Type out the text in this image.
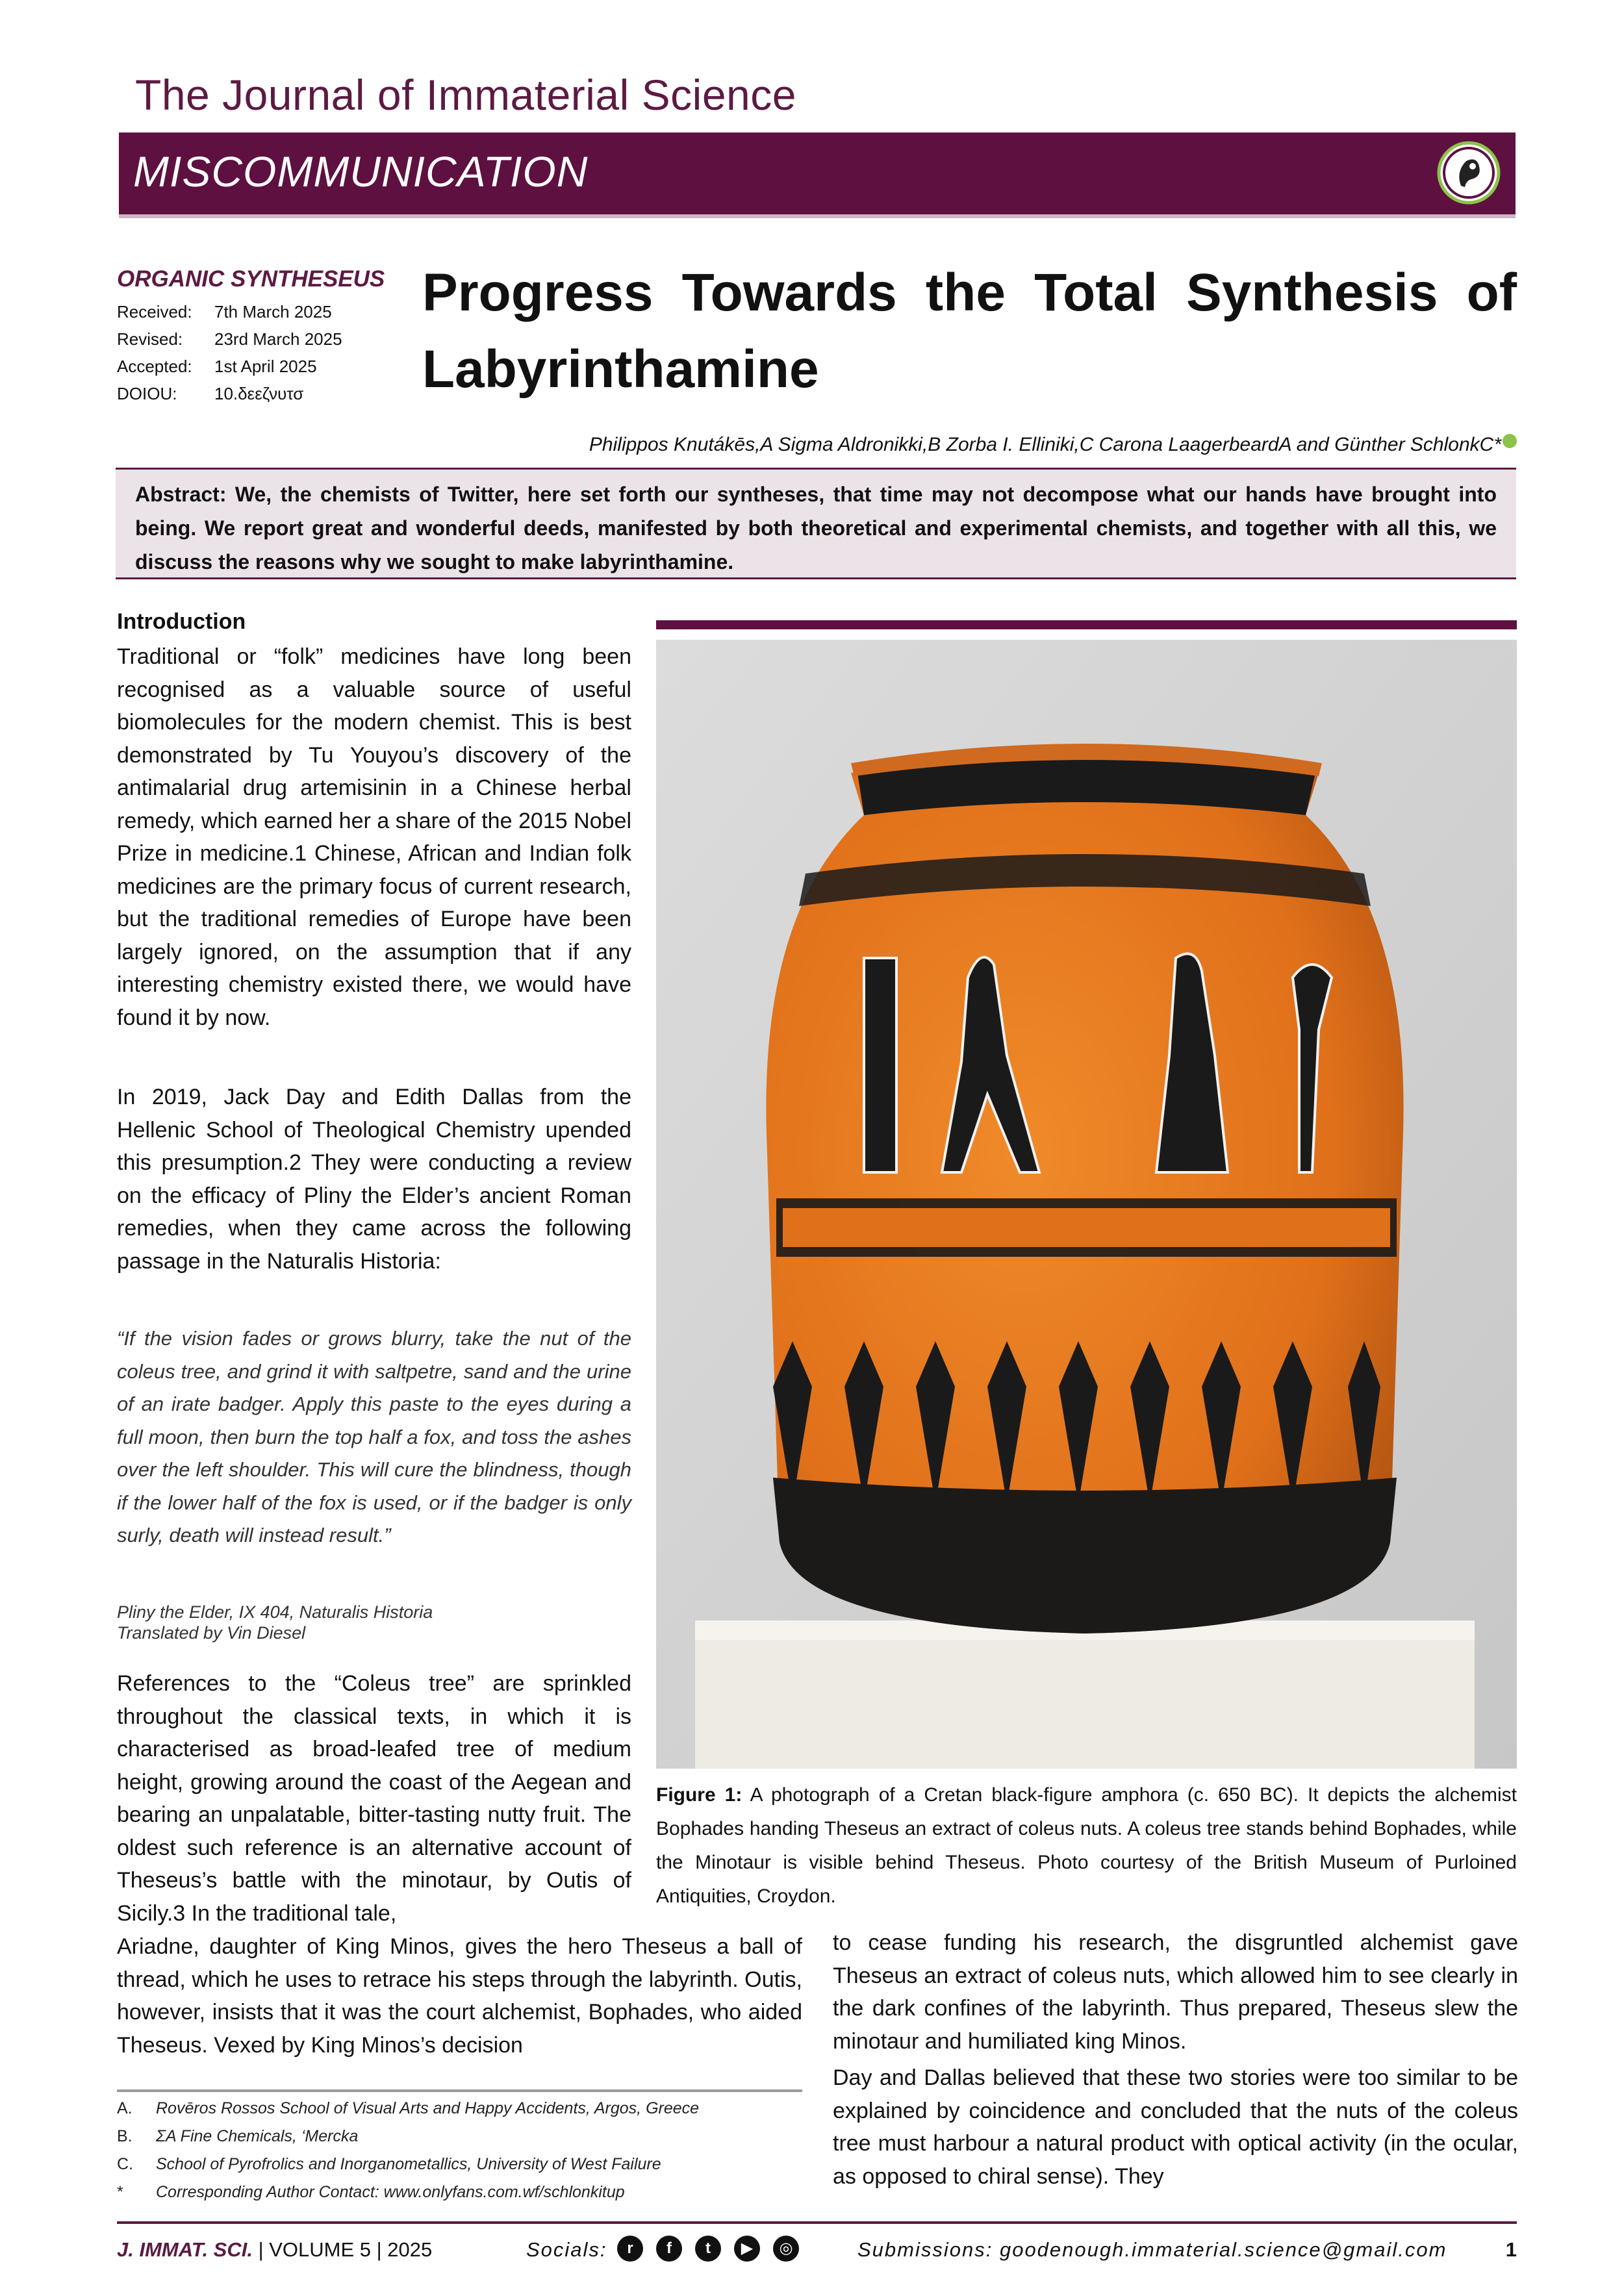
The Journal of Immaterial Science
MISCOMMUNICATION
ORGANIC SYNTHESEUS
Received: 7th March 2025
Revised: 23rd March 2025
Accepted: 1st April 2025
DOIOU: 10.δεεζνυτσ
Progress Towards the Total Synthesis of Labyrinthamine
Philippos Knutákēs,A Sigma Aldronikki,B Zorba I. Elliniki,C Carona LaagerbeardA and Günther SchlonkC*
Abstract: We, the chemists of Twitter, here set forth our syntheses, that time may not decompose what our hands have brought into being. We report great and wonderful deeds, manifested by both theoretical and experimental chemists, and together with all this, we discuss the reasons why we sought to make labyrinthamine.
Introduction
Traditional or “folk” medicines have long been recognised as a valuable source of useful biomolecules for the modern chemist. This is best demonstrated by Tu Youyou’s discovery of the antimalarial drug artemisinin in a Chinese herbal remedy, which earned her a share of the 2015 Nobel Prize in medicine.1 Chinese, African and Indian folk medicines are the primary focus of current research, but the traditional remedies of Europe have been largely ignored, on the assumption that if any interesting chemistry existed there, we would have found it by now.
In 2019, Jack Day and Edith Dallas from the Hellenic School of Theological Chemistry upended this presumption.2 They were conducting a review on the efficacy of Pliny the Elder’s ancient Roman remedies, when they came across the following passage in the Naturalis Historia:
“If the vision fades or grows blurry, take the nut of the coleus tree, and grind it with saltpetre, sand and the urine of an irate badger. Apply this paste to the eyes during a full moon, then burn the top half a fox, and toss the ashes over the left shoulder. This will cure the blindness, though if the lower half of the fox is used, or if the badger is only surly, death will instead result.”
Pliny the Elder, IX 404, Naturalis Historia
Translated by Vin Diesel
References to the “Coleus tree” are sprinkled throughout the classical texts, in which it is characterised as broad-leafed tree of medium height, growing around the coast of the Aegean and bearing an unpalatable, bitter-tasting nutty fruit. The oldest such reference is an alternative account of Theseus’s battle with the minotaur, by Outis of Sicily.3 In the traditional tale,
Ariadne, daughter of King Minos, gives the hero Theseus a ball of thread, which he uses to retrace his steps through the labyrinth. Outis, however, insists that it was the court alchemist, Bophades, who aided Theseus. Vexed by King Minos’s decision
to cease funding his research, the disgruntled alchemist gave Theseus an extract of coleus nuts, which allowed him to see clearly in the dark confines of the labyrinth. Thus prepared, Theseus slew the minotaur and humiliated king Minos.
Day and Dallas believed that these two stories were too similar to be explained by coincidence and concluded that the nuts of the coleus tree must harbour a natural product with optical activity (in the ocular, as opposed to chiral sense). They
Figure 1: A photograph of a Cretan black-figure amphora (c. 650 BC). It depicts the alchemist Bophades handing Theseus an extract of coleus nuts. A coleus tree stands behind Bophades, while the Minotaur is visible behind Theseus. Photo courtesy of the British Museum of Purloined Antiquities, Croydon.
A. Rovēros Rossos School of Visual Arts and Happy Accidents, Argos, Greece
B. ΣA Fine Chemicals, ‘Mercka
C. School of Pyrofrolics and Inorganometallics, University of West Failure
* Corresponding Author Contact: www.onlyfans.com.wf/schlonkitup
J. IMMAT. SCI. | VOLUME 5 | 2025	Socials:	r	f	t	▶	◎	Submissions: goodenough.immaterial.science@gmail.com	1
